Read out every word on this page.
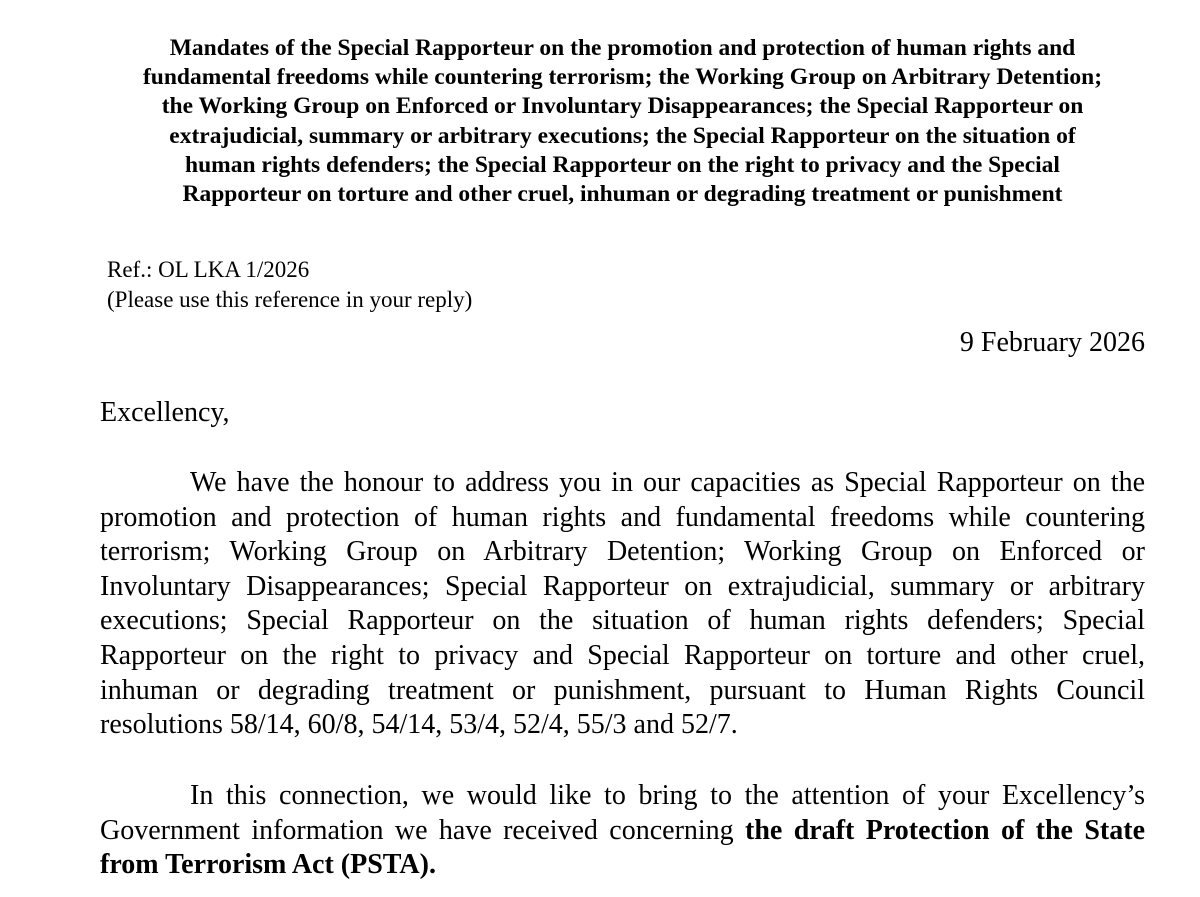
Mandates of the Special Rapporteur on the promotion and protection of human rights and
fundamental freedoms while countering terrorism; the Working Group on Arbitrary Detention;
the Working Group on Enforced or Involuntary Disappearances; the Special Rapporteur on
extrajudicial, summary or arbitrary executions; the Special Rapporteur on the situation of
human rights defenders; the Special Rapporteur on the right to privacy and the Special
Rapporteur on torture and other cruel, inhuman or degrading treatment or punishment
Ref.: OL LKA 1/2026
(Please use this reference in your reply)
9 February 2026
Excellency,
We have the honour to address you in our capacities as Special Rapporteur on the promotion and protection of human rights and fundamental freedoms while countering terrorism; Working Group on Arbitrary Detention; Working Group on Enforced or Involuntary Disappearances; Special Rapporteur on extrajudicial, summary or arbitrary executions; Special Rapporteur on the situation of human rights defenders; Special Rapporteur on the right to privacy and Special Rapporteur on torture and other cruel, inhuman or degrading treatment or punishment, pursuant to Human Rights Council resolutions 58/14, 60/8, 54/14, 53/4, 52/4, 55/3 and 52/7.
In this connection, we would like to bring to the attention of your Excellency’s Government information we have received concerning the draft Protection of the State from Terrorism Act (PSTA).
